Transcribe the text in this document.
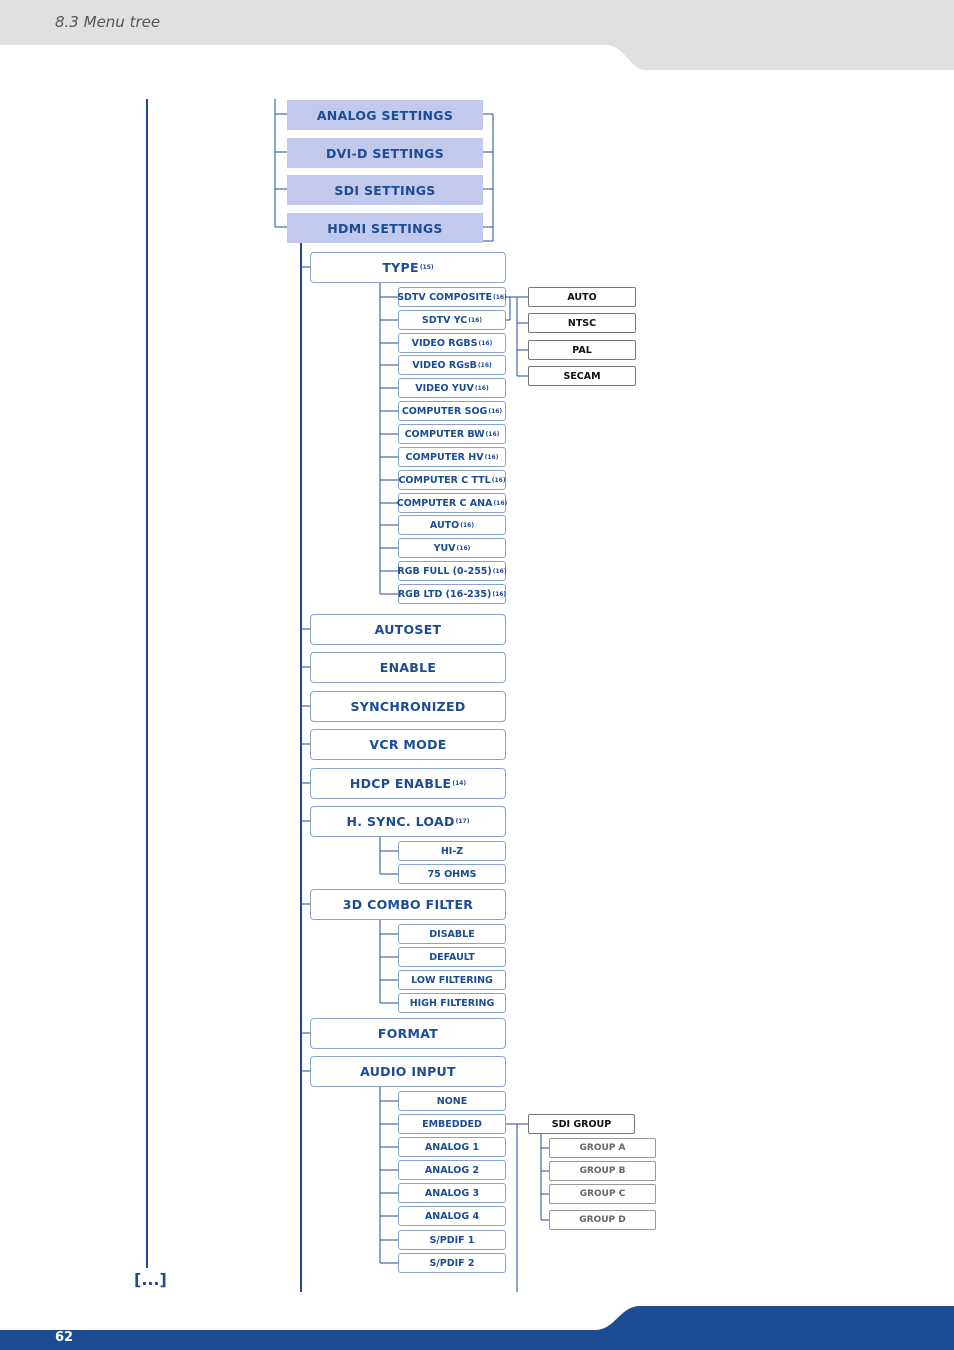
8.3 Menu tree
62
[...]
ANALOG SETTINGS
DVI-D SETTINGS
SDI SETTINGS
HDMI SETTINGS
TYPE (15)
AUTOSET
ENABLE
SYNCHRONIZED
VCR MODE
HDCP ENABLE (14)
H. SYNC. LOAD (17)
3D COMBO FILTER
FORMAT
AUDIO INPUT
SDTV COMPOSITE (16)
SDTV YC (16)
VIDEO RGBS (16)
VIDEO RGsB (16)
VIDEO YUV (16)
COMPUTER SOG (16)
COMPUTER BW (16)
COMPUTER HV (16)
COMPUTER C TTL (16)
COMPUTER C ANA (16)
AUTO (16)
YUV (16)
RGB FULL (0-255) (16)
RGB LTD (16-235) (16)
AUTO
NTSC
PAL
SECAM
HI-Z
75 OHMS
DISABLE
DEFAULT
LOW FILTERING
HIGH FILTERING
NONE
EMBEDDED
ANALOG 1
ANALOG 2
ANALOG 3
ANALOG 4
S/PDIF 1
S/PDIF 2
SDI GROUP
GROUP A
GROUP B
GROUP C
GROUP D
